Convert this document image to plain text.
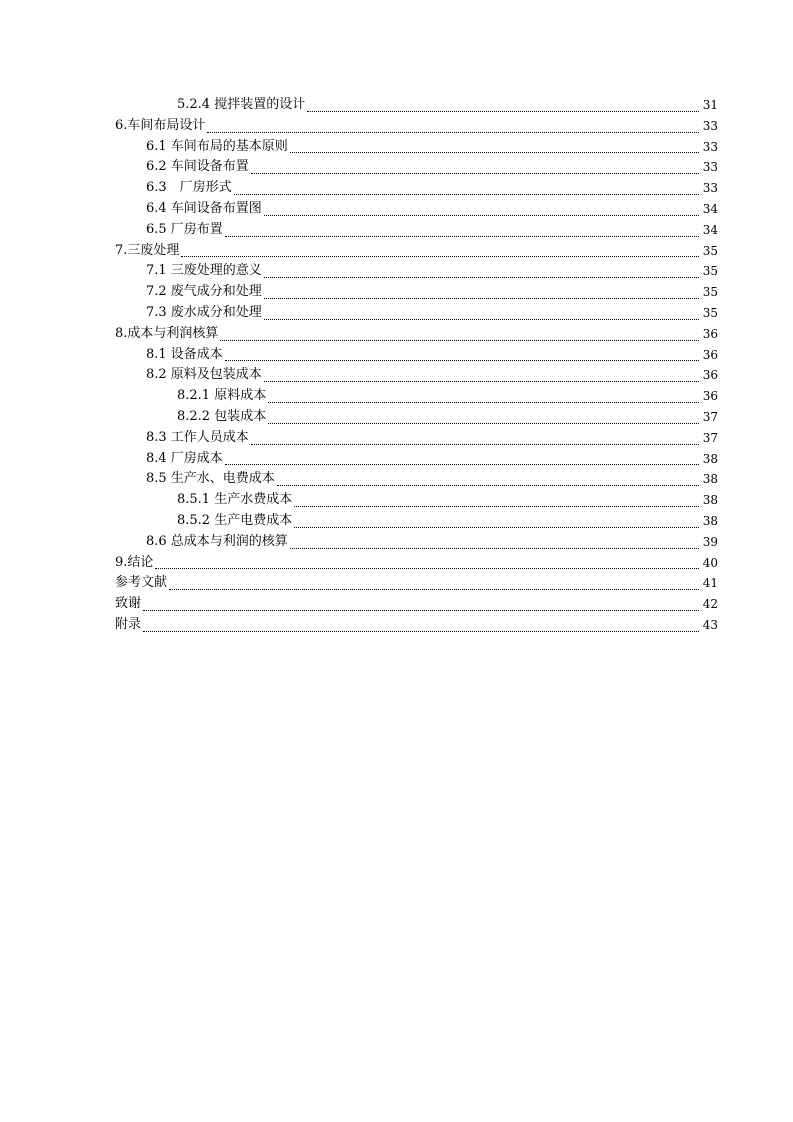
5.2.4 搅拌装置的设计	31
6.车间布局设计	33
6.1 车间布局的基本原则	33
6.2 车间设备布置	33
6.3　厂房形式	33
6.4 车间设备布置图	34
6.5 厂房布置	34
7.三废处理	35
7.1 三废处理的意义	35
7.2 废气成分和处理	35
7.3 废水成分和处理	35
8.成本与利润核算	36
8.1 设备成本	36
8.2 原料及包装成本	36
8.2.1 原料成本	36
8.2.2 包装成本	37
8.3 工作人员成本	37
8.4 厂房成本	38
8.5 生产水、电费成本	38
8.5.1 生产水费成本	38
8.5.2 生产电费成本	38
8.6 总成本与利润的核算	39
9.结论	40
参考文献	41
致谢	42
附录	43
